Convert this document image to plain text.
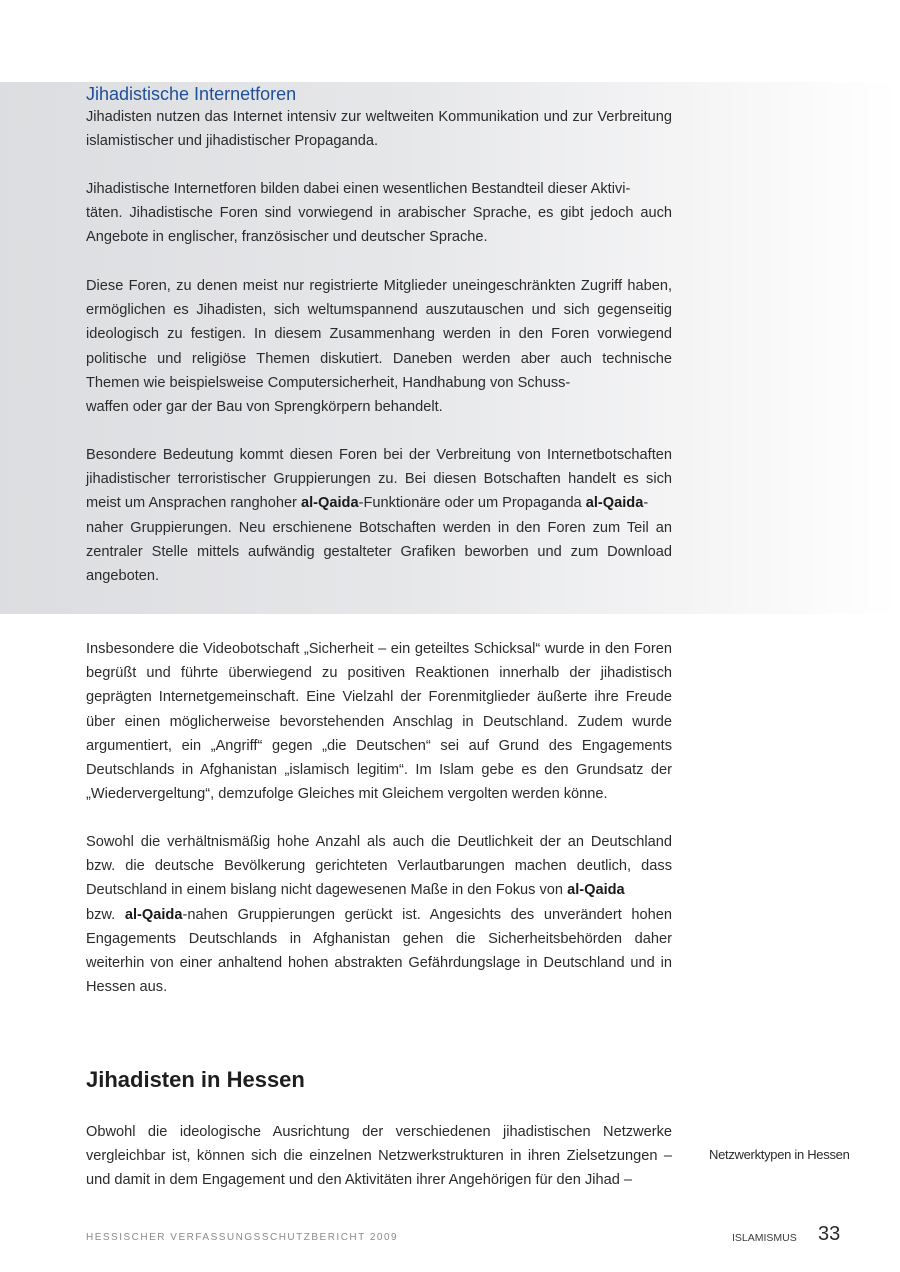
Jihadistische Internetforen

Jihadisten nutzen das Internet intensiv zur weltweiten Kommunikation und zur Verbreitung islamistischer und jihadistischer Propaganda.

Jihadistische Internetforen bilden dabei einen wesentlichen Bestandteil dieser Aktivi-
täten. Jihadistische Foren sind vorwiegend in arabischer Sprache, es gibt jedoch auch Angebote in englischer, französischer und deutscher Sprache.

Diese Foren, zu denen meist nur registrierte Mitglieder uneingeschränkten Zugriff haben, ermöglichen es Jihadisten, sich weltumspannend auszutauschen und sich gegenseitig ideologisch zu festigen. In diesem Zusammenhang werden in den Foren vorwiegend politische und religiöse Themen diskutiert. Daneben werden aber auch technische Themen wie beispielsweise Computersicherheit, Handhabung von Schuss-
waffen oder gar der Bau von Sprengkörpern behandelt.

Besondere Bedeutung kommt diesen Foren bei der Verbreitung von Internetbotschaften jihadistischer terroristischer Gruppierungen zu. Bei diesen Botschaften handelt es sich meist um Ansprachen ranghoher al-Qaida-Funktionäre oder um Propaganda al-Qaida-
naher Gruppierungen. Neu erschienene Botschaften werden in den Foren zum Teil an zentraler Stelle mittels aufwändig gestalteter Grafiken beworben und zum Download angeboten.

Insbesondere die Videobotschaft „Sicherheit – ein geteiltes Schicksal“ wurde in den Foren begrüßt und führte überwiegend zu positiven Reaktionen innerhalb der jihadistisch geprägten Internetgemeinschaft. Eine Vielzahl der Forenmitglieder äußerte ihre Freude über einen möglicherweise bevorstehenden Anschlag in Deutschland. Zudem wurde argumentiert, ein „Angriff“ gegen „die Deutschen“ sei auf Grund des Engagements Deutschlands in Afghanistan „islamisch legitim“. Im Islam gebe es den Grundsatz der „Wiedervergeltung“, demzufolge Gleiches mit Gleichem vergolten werden könne.

Sowohl die verhältnismäßig hohe Anzahl als auch die Deutlichkeit der an Deutschland bzw. die deutsche Bevölkerung gerichteten Verlautbarungen machen deutlich, dass Deutschland in einem bislang nicht dagewesenen Maße in den Fokus von al-Qaida
bzw. al-Qaida-nahen Gruppierungen gerückt ist. Angesichts des unverändert hohen Engagements Deutschlands in Afghanistan gehen die Sicherheitsbehörden daher weiterhin von einer anhaltend hohen abstrakten Gefährdungslage in Deutschland und in Hessen aus.

Jihadisten in Hessen

Obwohl die ideologische Ausrichtung der verschiedenen jihadistischen Netzwerke vergleichbar ist, können sich die einzelnen Netzwerkstrukturen in ihren Zielsetzungen – und damit in dem Engagement und den Aktivitäten ihrer Angehörigen für den Jihad –

Netzwerktypen in Hessen

HESSISCHER VERFASSUNGSSCHUTZBERICHT 2009	ISLAMISMUS 33
